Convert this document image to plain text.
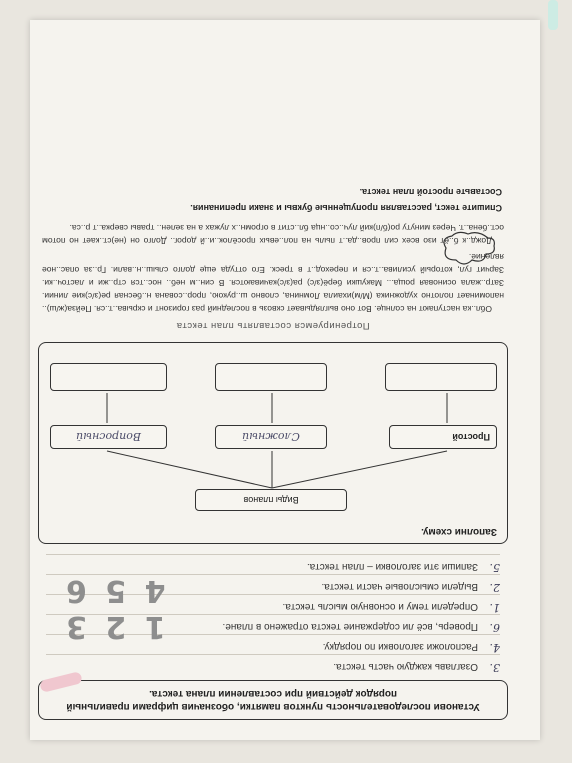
Установи последовательность пунктов памятки, обозначив цифрами правильный порядок действий при составлении плана текста.
3.
Озаглавь каждую часть текста.
4.
Расположи заголовки по порядку.
6.
Проверь, всё ли содержание текста отражено в плане.
1.
Определи тему и основную мысль текста.
2.
Выдели смысловые части текста.
5.
Запиши эти заголовки – план текста.
1 2 3
4 5 6
Заполни схему.
Виды планов
Простой
Сложный
Вопросный
Потренируемся составлять план текста

Обл..ка наступают на солнце. Вот оно выглядывает сквозь в последний раз горизонт и скрыва..т..ся. Пейза(ж/ш).. напоминает полотно художника (М/м)ихаила Ломнина, словно ш..рукою, прор..сована н..бесная ре(з/с)кие линии. Затр..жала осиновая роща... Макушки берё(з/с) ра(з/с)качиваются. В син..м неб.. нос..тся стр..жи и ласточ..ки. Зарчит гул, который усилива..т..ся и переход..т в треск. Его оттуда еще долго слыш..н..вали. Гр..за опас..ное явление.

Дожд..к б..ёт изо всех сил пров..да..т пыль на пол..евых просёлок..и..й дорог.. Долго он (не)ст..кает но потом ост..бена..т. Через минуту ро(б/п)кий луч..со..нца бл..стит в огромн..х лужах а на зелен.. травы сверка..т р..са.

Спишите текст, расставляя пропущенные буквы и знаки препинания.
Составьте простой план текста.
